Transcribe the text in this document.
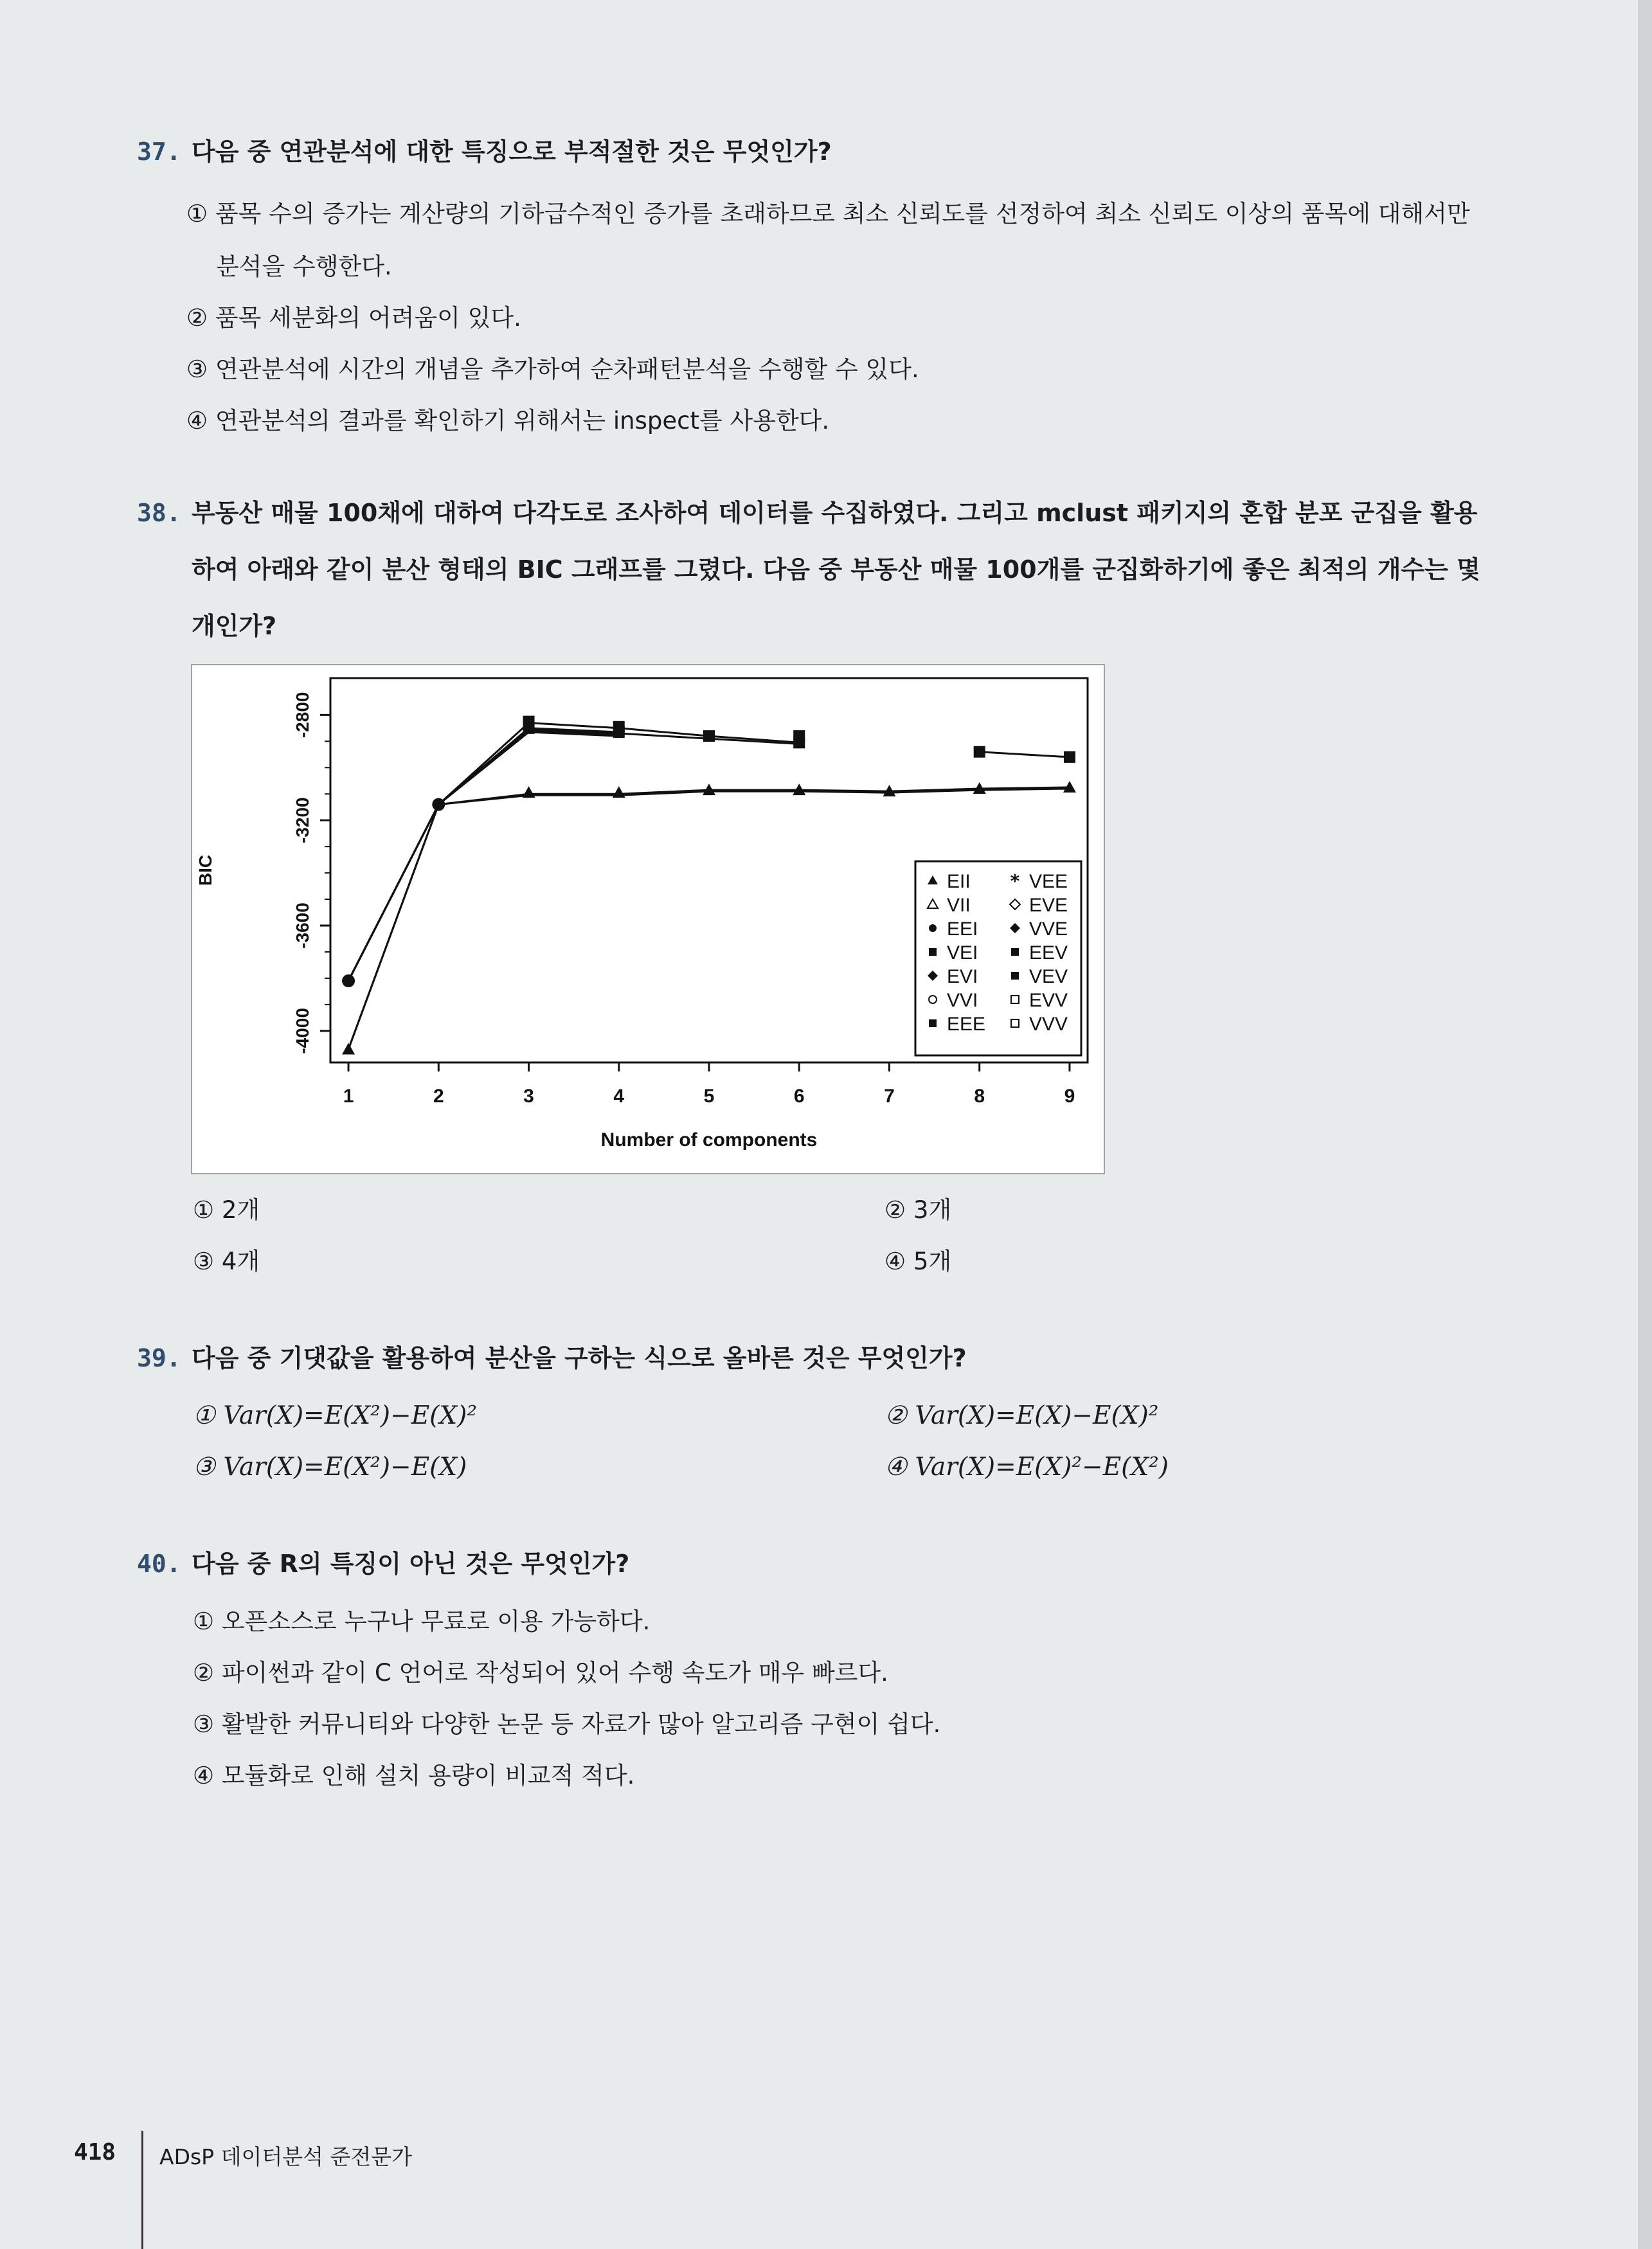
37. 다음 중 연관분석에 대한 특징으로 부적절한 것은 무엇인가?
① 품목 수의 증가는 계산량의 기하급수적인 증가를 초래하므로 최소 신뢰도를 선정하여 최소 신뢰도 이상의 품목에 대해서만
분석을 수행한다.
② 품목 세분화의 어려움이 있다.
③ 연관분석에 시간의 개념을 추가하여 순차패턴분석을 수행할 수 있다.
④ 연관분석의 결과를 확인하기 위해서는 inspect를 사용한다.
38. 부동산 매물 100채에 대하여 다각도로 조사하여 데이터를 수집하였다. 그리고 mclust 패키지의 혼합 분포 군집을 활용
하여 아래와 같이 분산 형태의 BIC 그래프를 그렸다. 다음 중 부동산 매물 100개를 군집화하기에 좋은 최적의 개수는 몇
개인가?
1	2	3	4	5	6	7	8	9
-4000
-3600
-3200
-2800
Number of components
BIC	EII
VII
EEI
VEI
EVI
VVI
EEE
* VEE
EVE
VVE
EEV
VEV
EVV
VVV
① 2개	② 3개
③ 4개	④ 5개
39. 다음 중 기댓값을 활용하여 분산을 구하는 식으로 올바른 것은 무엇인가?
① Var(X)=E(X²)−E(X)²	② Var(X)=E(X)−E(X)²
③ Var(X)=E(X²)−E(X)	④ Var(X)=E(X)²−E(X²)
40. 다음 중 R의 특징이 아닌 것은 무엇인가?
① 오픈소스로 누구나 무료로 이용 가능하다.
② 파이썬과 같이 C 언어로 작성되어 있어 수행 속도가 매우 빠르다.
③ 활발한 커뮤니티와 다양한 논문 등 자료가 많아 알고리즘 구현이 쉽다.
④ 모듈화로 인해 설치 용량이 비교적 적다.
418 ADsP 데이터분석 준전문가
